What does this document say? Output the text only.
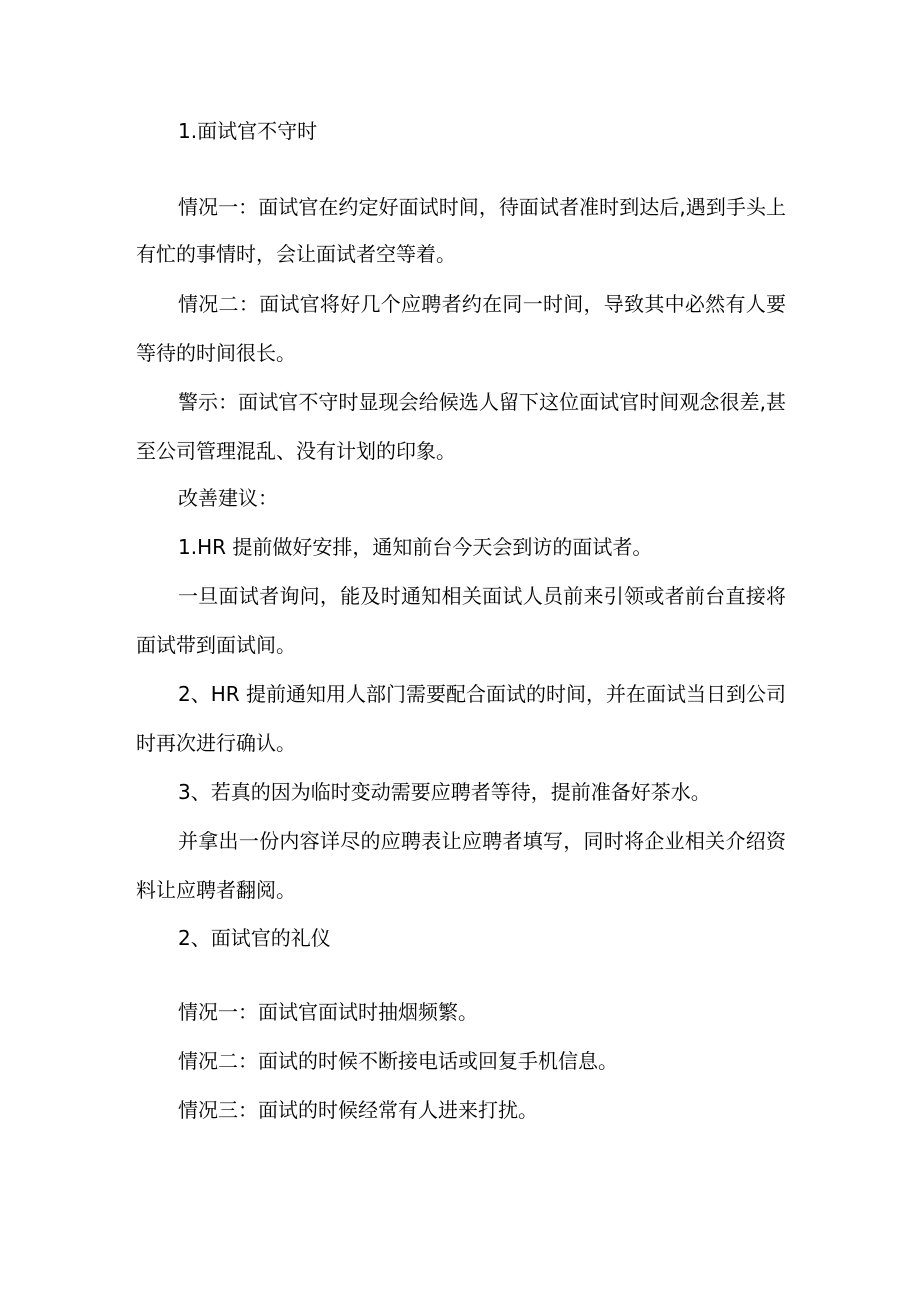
1.面试官不守时
情况一：面试官在约定好面试时间，待面试者准时到达后,遇到手头上
有忙的事情时，会让面试者空等着。
情况二：面试官将好几个应聘者约在同一时间，导致其中必然有人要
等待的时间很长。
警示：面试官不守时显现会给候选人留下这位面试官时间观念很差,甚
至公司管理混乱、没有计划的印象。
改善建议：
1.HR 提前做好安排，通知前台今天会到访的面试者。
一旦面试者询问，能及时通知相关面试人员前来引领或者前台直接将
面试带到面试间。
2、HR 提前通知用人部门需要配合面试的时间，并在面试当日到公司
时再次进行确认。
3、若真的因为临时变动需要应聘者等待，提前准备好茶水。
并拿出一份内容详尽的应聘表让应聘者填写，同时将企业相关介绍资
料让应聘者翻阅。
2、面试官的礼仪
情况一：面试官面试时抽烟频繁。
情况二：面试的时候不断接电话或回复手机信息。
情况三：面试的时候经常有人进来打扰。
